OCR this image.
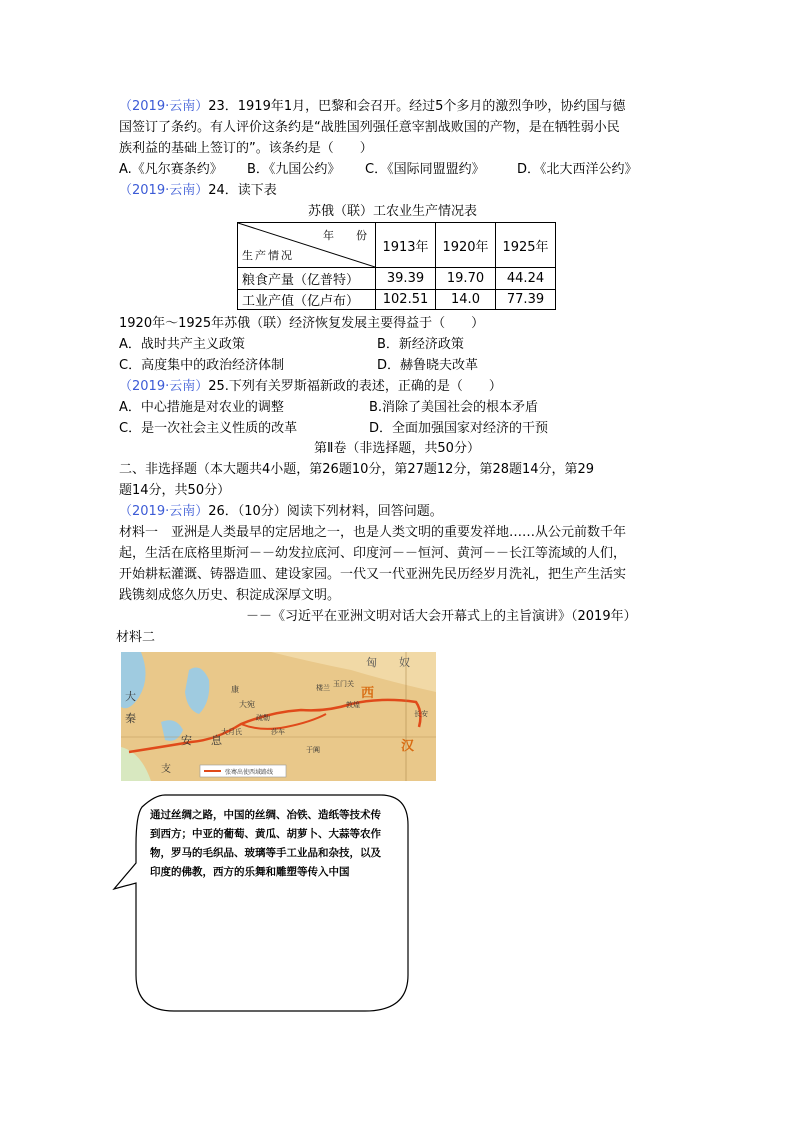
（2019·云南）23．1919年1月，巴黎和会召开。经过5个多月的激烈争吵，协约国与德
国签订了条约。有人评价这条约是“战胜国列强任意宰割战败国的产物，是在牺牲弱小民
族利益的基础上签订的”。该条约是（　　）
A.《凡尔赛条约》 B．《九国公约》 C．《国际同盟盟约》 D．《北大西洋公约》
（2019·云南）24．读下表
苏俄（联）工农业生产情况表
年　　份
生产情况	1913年	1920年	1925年
粮食产量（亿普特）	39.39	19.70	44.24
工业产值（亿卢布）	102.51	14.0	77.39
1920年～1925年苏俄（联）经济恢复发展主要得益于（　　）
A．战时共产主义政策	B．新经济政策
C．高度集中的政治经济体制	D．赫鲁晓夫改革
（2019·云南）25.下列有关罗斯福新政的表述，正确的是（　　）
A．中心措施是对农业的调整	B.消除了美国社会的根本矛盾
C．是一次社会主义性质的改革	D．全面加强国家对经济的干预
第Ⅱ卷（非选择题，共50分）
二、非选择题（本大题共4小题，第26题10分，第27题12分，第28题14分，第29
题14分，共50分）
（2019·云南）26．（10分）阅读下列材料，回答问题。
材料一　亚洲是人类最早的定居地之一，也是人类文明的重要发祥地……从公元前数千年
起，生活在底格里斯河－－幼发拉底河、印度河－－恒河、黄河－－长江等流域的人们，
开始耕耘灌溉、铸器造皿、建设家园。一代又一代亚洲先民历经岁月洗礼，把生产生活实
践镌刻成悠久历史、积淀成深厚文明。
－－《习近平在亚洲文明对话大会开幕式上的主旨演讲》（2019年）
材料二
匈 奴
西
汉
大
秦
安 息
支
康
大宛
疏勒
莎车
大月氏
于阗
楼兰 玉门关
敦煌
长安
张骞出使西域路线
通过丝绸之路，中国的丝绸、冶铁、造纸等技术传到西方；中亚的葡萄、黄瓜、胡萝卜、大蒜等农作物，罗马的毛织品、玻璃等手工业品和杂技，以及印度的佛教，西方的乐舞和雕塑等传入中国
